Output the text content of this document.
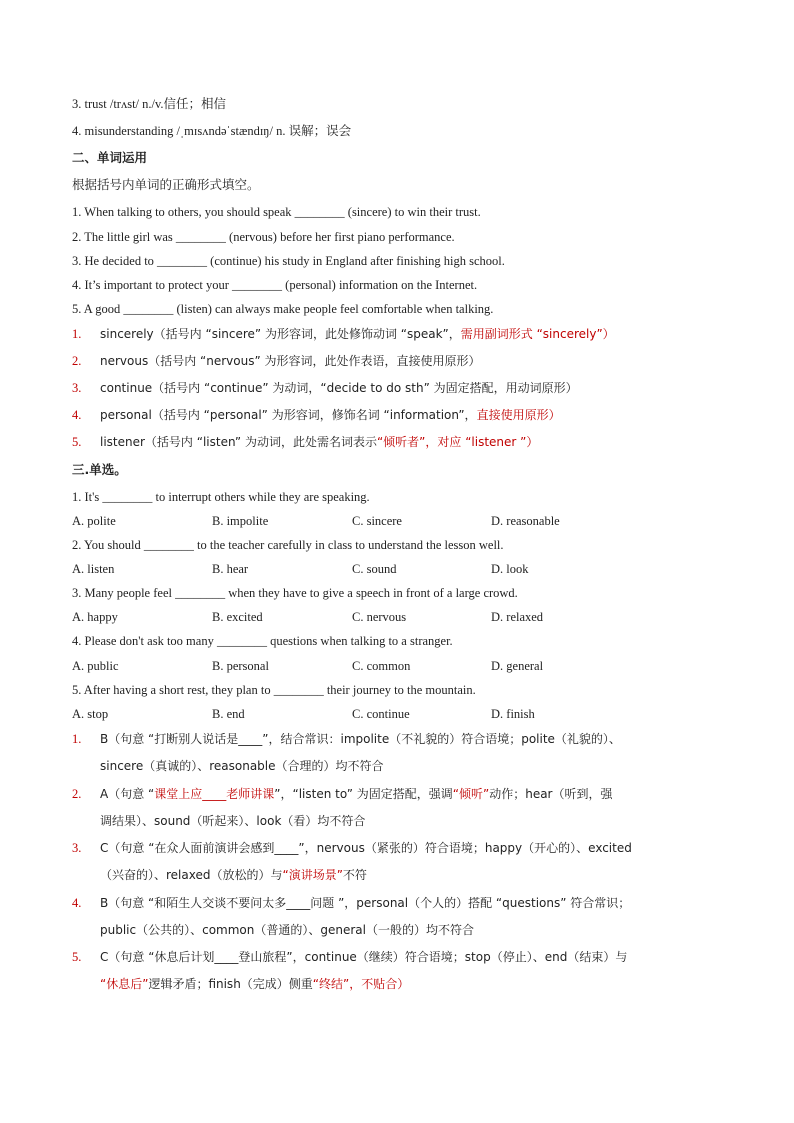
3. trust /trʌst/ n./v.信任；相信
4. misunderstanding /ˌmɪsʌndəˈstændɪŋ/ n. 误解；误会
二、单词运用
根据括号内单词的正确形式填空。
1. When talking to others, you should speak ________ (sincere) to win their trust.
2. The little girl was ________ (nervous) before her first piano performance.
3. He decided to ________ (continue) his study in England after finishing high school.
4. It’s important to protect your ________ (personal) information on the Internet.
5. A good ________ (listen) can always make people feel comfortable when talking.
1. sincerely（括号内 “sincere” 为形容词，此处修饰动词 “speak”，需用副词形式 “sincerely”）
2. nervous（括号内 “nervous” 为形容词，此处作表语，直接使用原形）
3. continue（括号内 “continue” 为动词，“decide to do sth” 为固定搭配，用动词原形）
4. personal（括号内 “personal” 为形容词，修饰名词 “information”，直接使用原形）
5. listener（括号内 “listen” 为动词，此处需名词表示“倾听者”，对应 “listener ”）
三.单选。
1. It's ________ to interrupt others while they are speaking.
A. polite	B. impolite	C. sincere	D. reasonable
2. You should ________ to the teacher carefully in class to understand the lesson well.
A. listen	B. hear	C. sound	D. look
3. Many people feel ________ when they have to give a speech in front of a large crowd.
A. happy	B. excited	C. nervous	D. relaxed
4. Please don't ask too many ________ questions when talking to a stranger.
A. public	B. personal	C. common	D. general
5. After having a short rest, they plan to ________ their journey to the mountain.
A. stop	B. end	C. continue	D. finish
1. B（句意 “打断别人说话是____”，结合常识：impolite（不礼貌的）符合语境；polite（礼貌的）、
sincere（真诚的）、reasonable（合理的）均不符合
2. A（句意 “课堂上应____老师讲课”，“listen to” 为固定搭配，强调“倾听”动作；hear（听到，强
调结果）、sound（听起来）、look（看）均不符合
3. C（句意 “在众人面前演讲会感到____”，nervous（紧张的）符合语境；happy（开心的）、excited
（兴奋的）、relaxed（放松的）与“演讲场景”不符
4. B（句意 “和陌生人交谈不要问太多____问题 ”，personal（个人的）搭配 “questions” 符合常识；
public（公共的）、common（普通的）、general（一般的）均不符合
5. C（句意 “休息后计划____登山旅程”，continue（继续）符合语境；stop（停止）、end（结束）与
“休息后”逻辑矛盾；finish（完成）侧重“终结”，不贴合）
